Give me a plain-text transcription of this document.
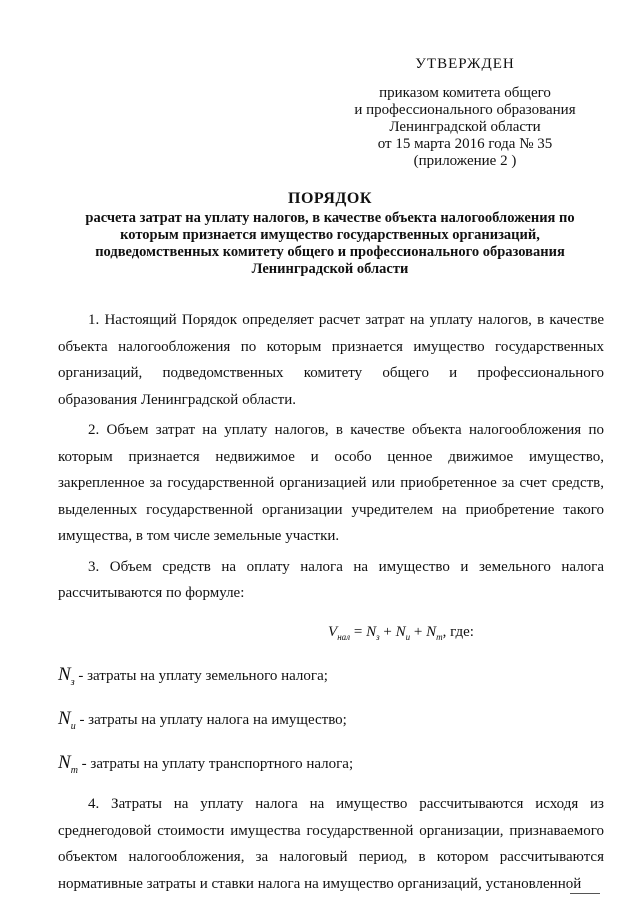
УТВЕРЖДЕН
приказом комитета общего
и профессионального образования
Ленинградской области
от 15 марта 2016 года № 35
(приложение 2 )
ПОРЯДОК
расчета затрат на уплату налогов, в качестве объекта налогообложения по которым признается имущество государственных организаций, подведомственных комитету общего и профессионального образования Ленинградской области

1. Настоящий Порядок определяет расчет затрат на уплату налогов, в качестве объекта налогообложения по которым признается имущество государственных организаций, подведомственных комитету общего и профессионального образования Ленинградской области.

2. Объем затрат на уплату налогов, в качестве объекта налогообложения по которым признается недвижимое и особо ценное движимое имущество, закрепленное за государственной организацией или приобретенное за счет средств, выделенных государственной организации учредителем на приобретение такого имущества, в том числе земельные участки.

3. Объем средств на оплату налога на имущество и земельного налога рассчитываются по формуле:

$V_{нал} = N_з + N_и + N_т$, где:
$N_з$ - затраты на уплату земельного налога;
$N_и$ - затраты на уплату налога на имущество;
$N_т$ - затраты на уплату транспортного налога;

4. Затраты на уплату налога на имущество рассчитываются исходя из среднегодовой стоимости имущества государственной организации, признаваемого объектом налогообложения, за налоговый период, в котором рассчитываются нормативные затраты и ставки налога на имущество организаций, установленной
